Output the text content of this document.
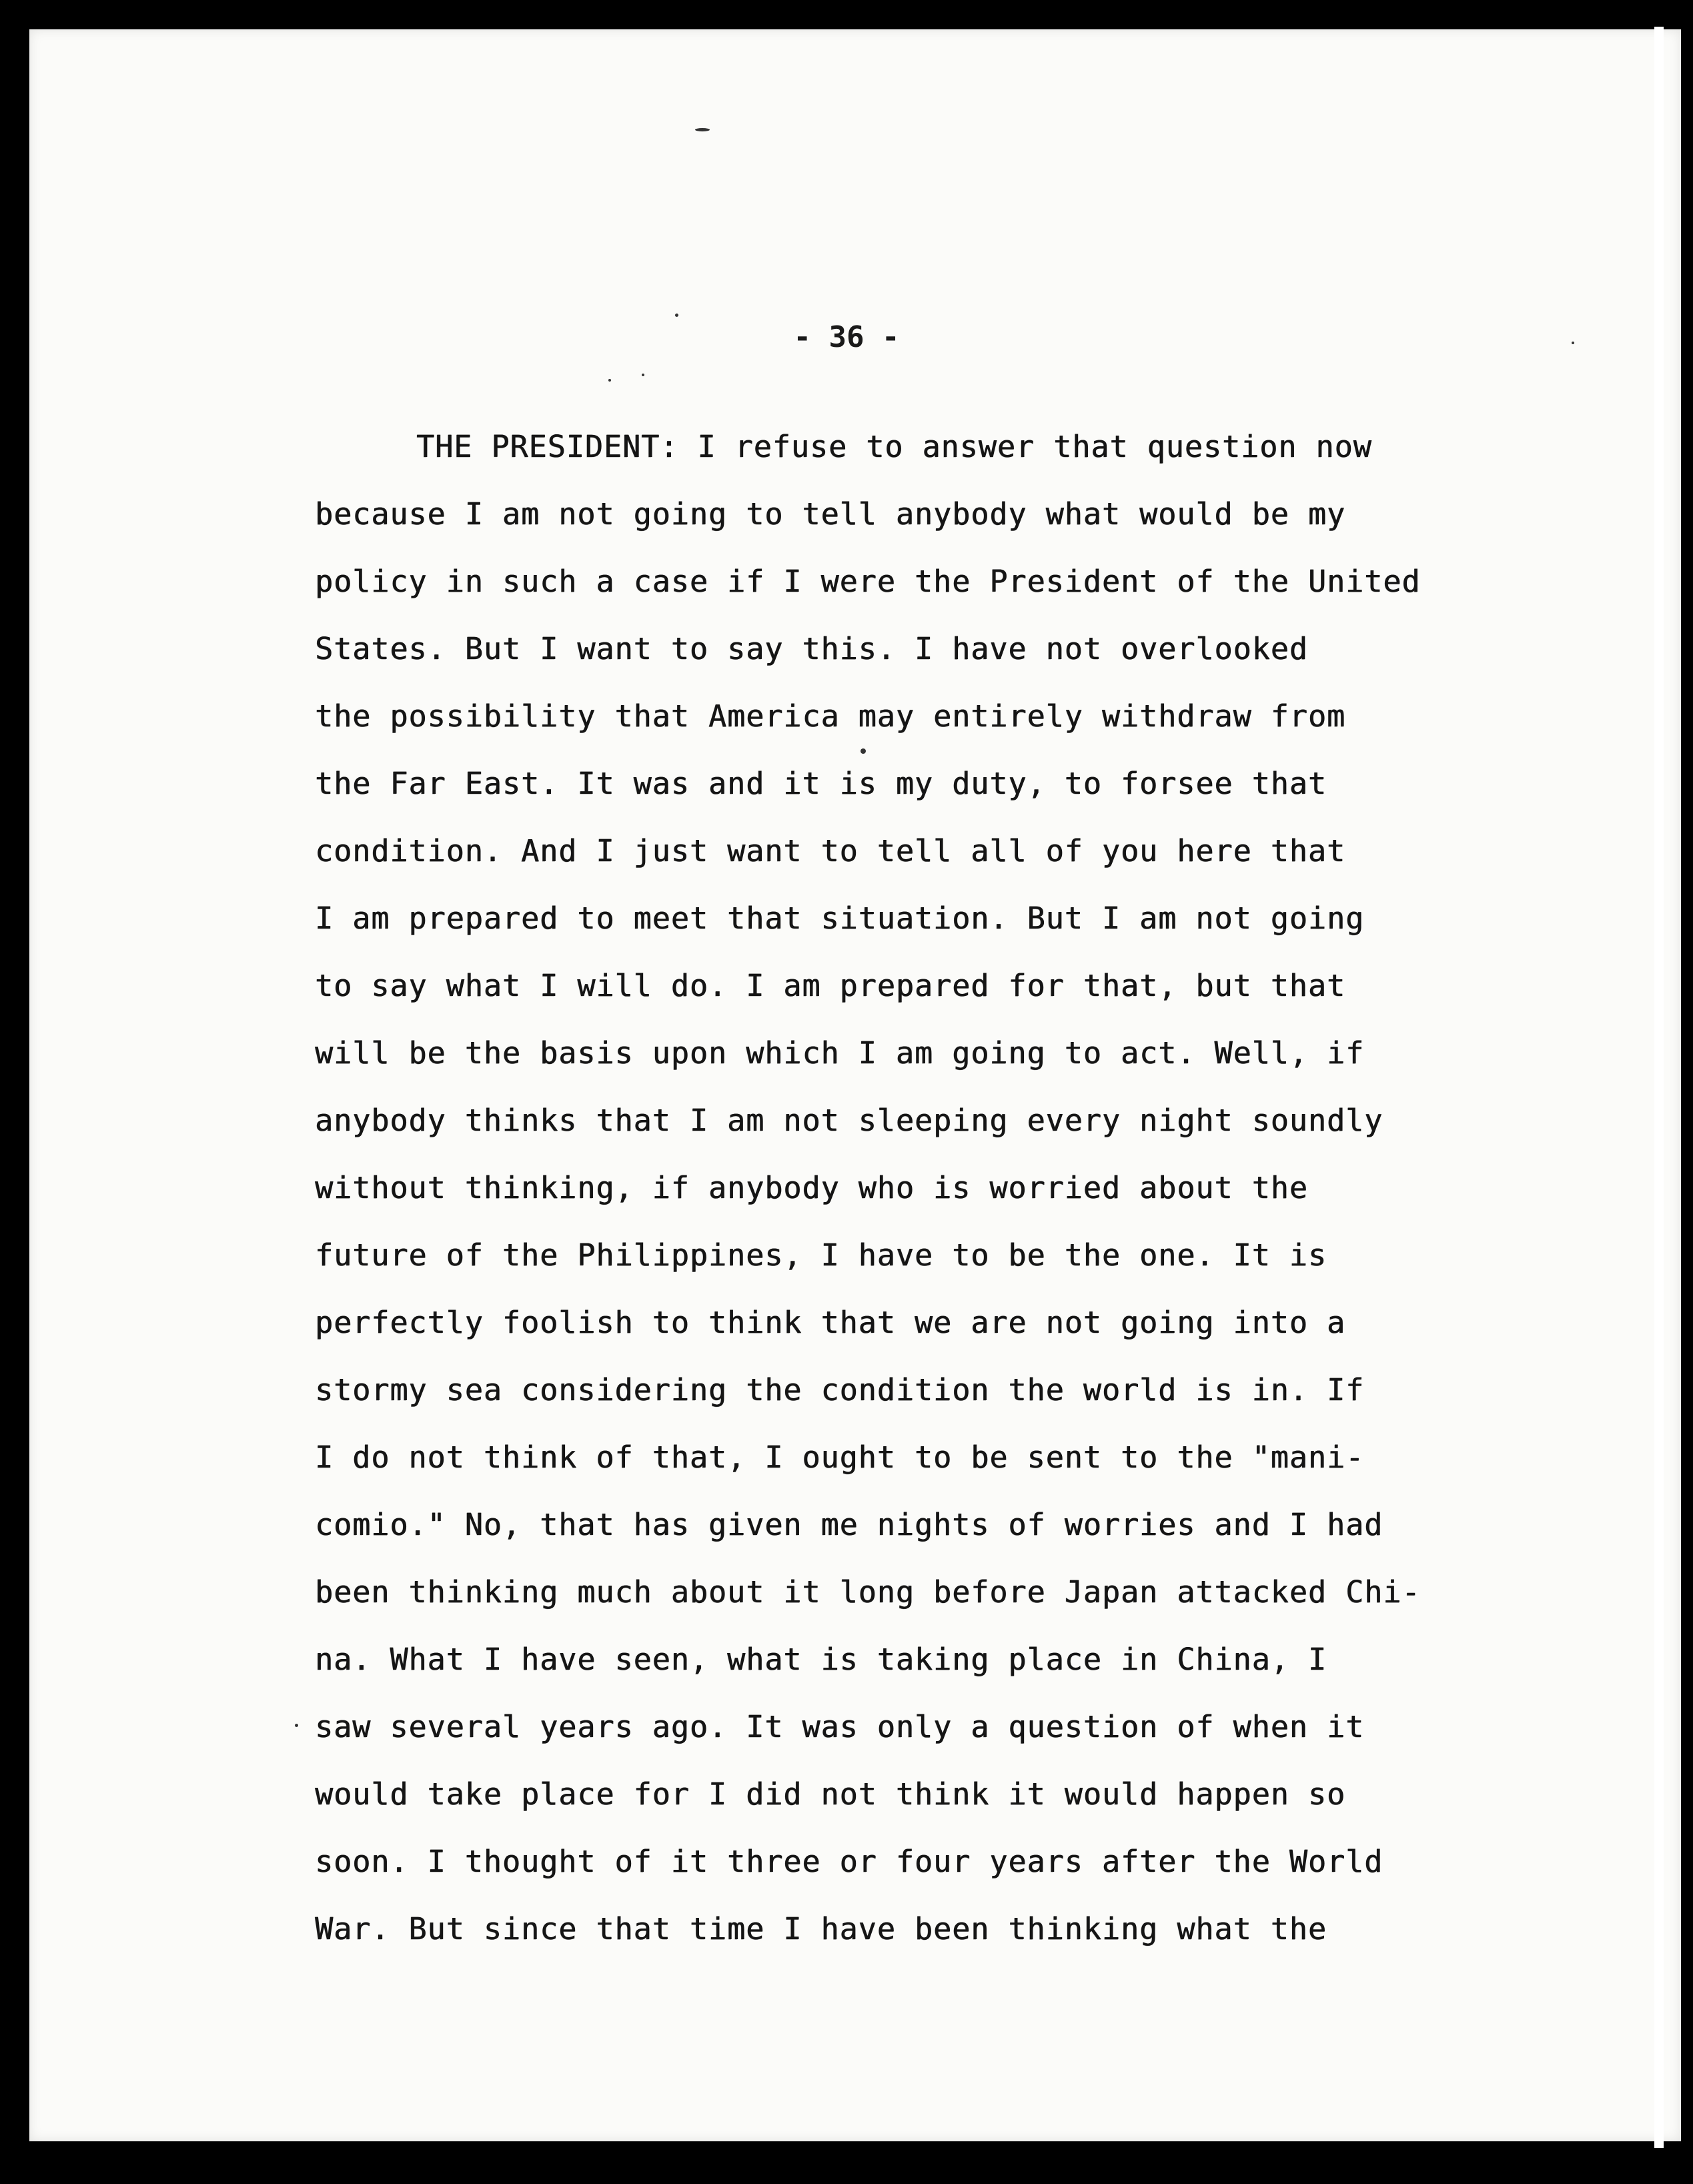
- 36 -
THE PRESIDENT: I refuse to answer that question now
because I am not going to tell anybody what would be my
policy in such a case if I were the President of the United
States. But I want to say this. I have not overlooked
the possibility that America may entirely withdraw from
the Far East. It was and it is my duty, to forsee that
condition. And I just want to tell all of you here that
I am prepared to meet that situation. But I am not going
to say what I will do. I am prepared for that, but that
will be the basis upon which I am going to act. Well, if
anybody thinks that I am not sleeping every night soundly
without thinking, if anybody who is worried about the
future of the Philippines, I have to be the one. It is
perfectly foolish to think that we are not going into a
stormy sea considering the condition the world is in. If
I do not think of that, I ought to be sent to the "mani-
comio." No, that has given me nights of worries and I had
been thinking much about it long before Japan attacked Chi-
na. What I have seen, what is taking place in China, I
saw several years ago. It was only a question of when it
would take place for I did not think it would happen so
soon. I thought of it three or four years after the World
War. But since that time I have been thinking what the
